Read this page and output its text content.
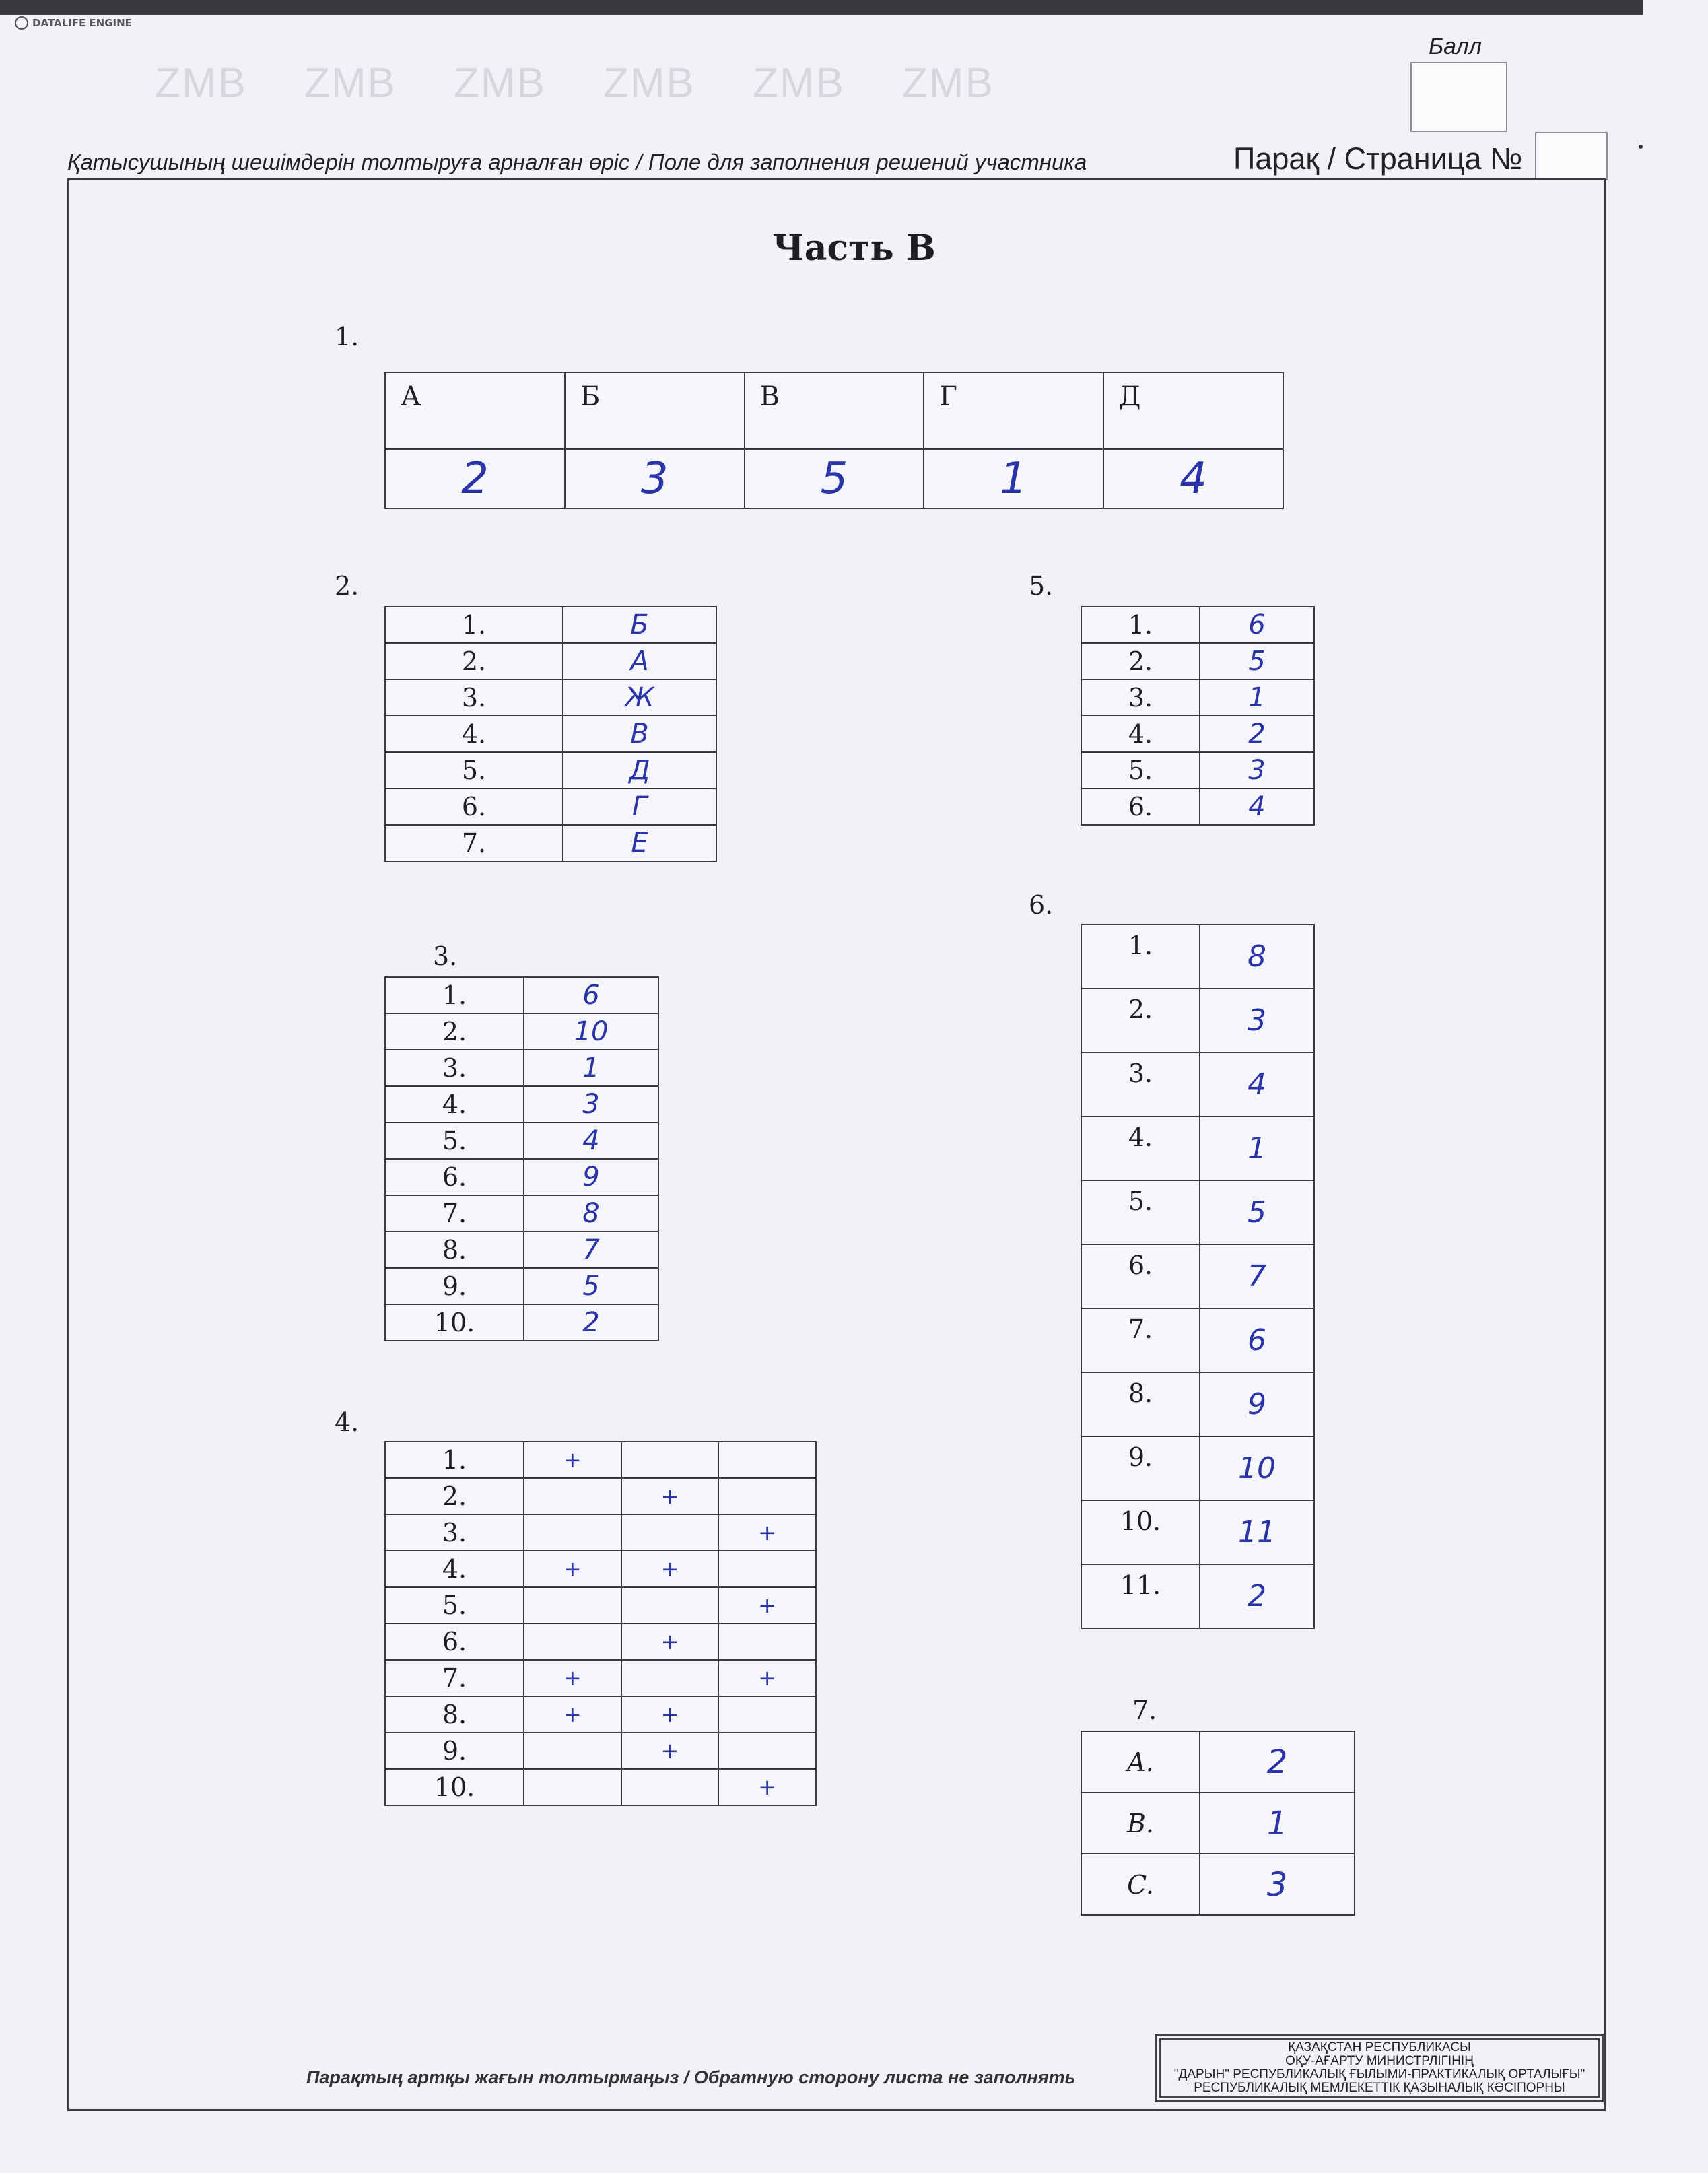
DATALIFE ENGINE
ZMB	ZMB	ZMB	ZMB	ZMB	ZMB
Балл
Қатысушының шешімдерін толтыруға арналған өріс / Поле для заполнения решений участника	Парақ / Страница №
Часть В
1.
А	Б	В	Г	Д
2	3	5	1	4
2.
1.	Б
2.	А
3.	Ж
4.	В
5.	Д
6.	Г
7.	Е
3.
1.	6
2.	10
3.	1
4.	3
5.	4
6.	9
7.	8
8.	7
9.	5
10.	2
4.
1.	+		
2.		+	
3.			+
4.	+	+	
5.			+
6.		+	
7.	+		+
8.	+	+	
9.		+	
10.			+
5.
1.	6
2.	5
3.	1
4.	2
5.	3
6.	4
6.
1.	8
2.	3
3.	4
4.	1
5.	5
6.	7
7.	6
8.	9
9.	10
10.	11
11.	2
7.
A.	2
B.	1
C.	3
Парақтың артқы жағын толтырмаңыз / Обратную сторону листа не заполнять
ҚАЗАҚСТАН РЕСПУБЛИКАСЫ
ОҚУ-АҒАРТУ МИНИСТРЛІГІНІҢ
"ДАРЫН" РЕСПУБЛИКАЛЫҚ ҒЫЛЫМИ-ПРАКТИКАЛЫҚ ОРТАЛЫҒЫ"
РЕСПУБЛИКАЛЫҚ МЕМЛЕКЕТТІК ҚАЗЫНАЛЫҚ КӘСІПОРНЫ
